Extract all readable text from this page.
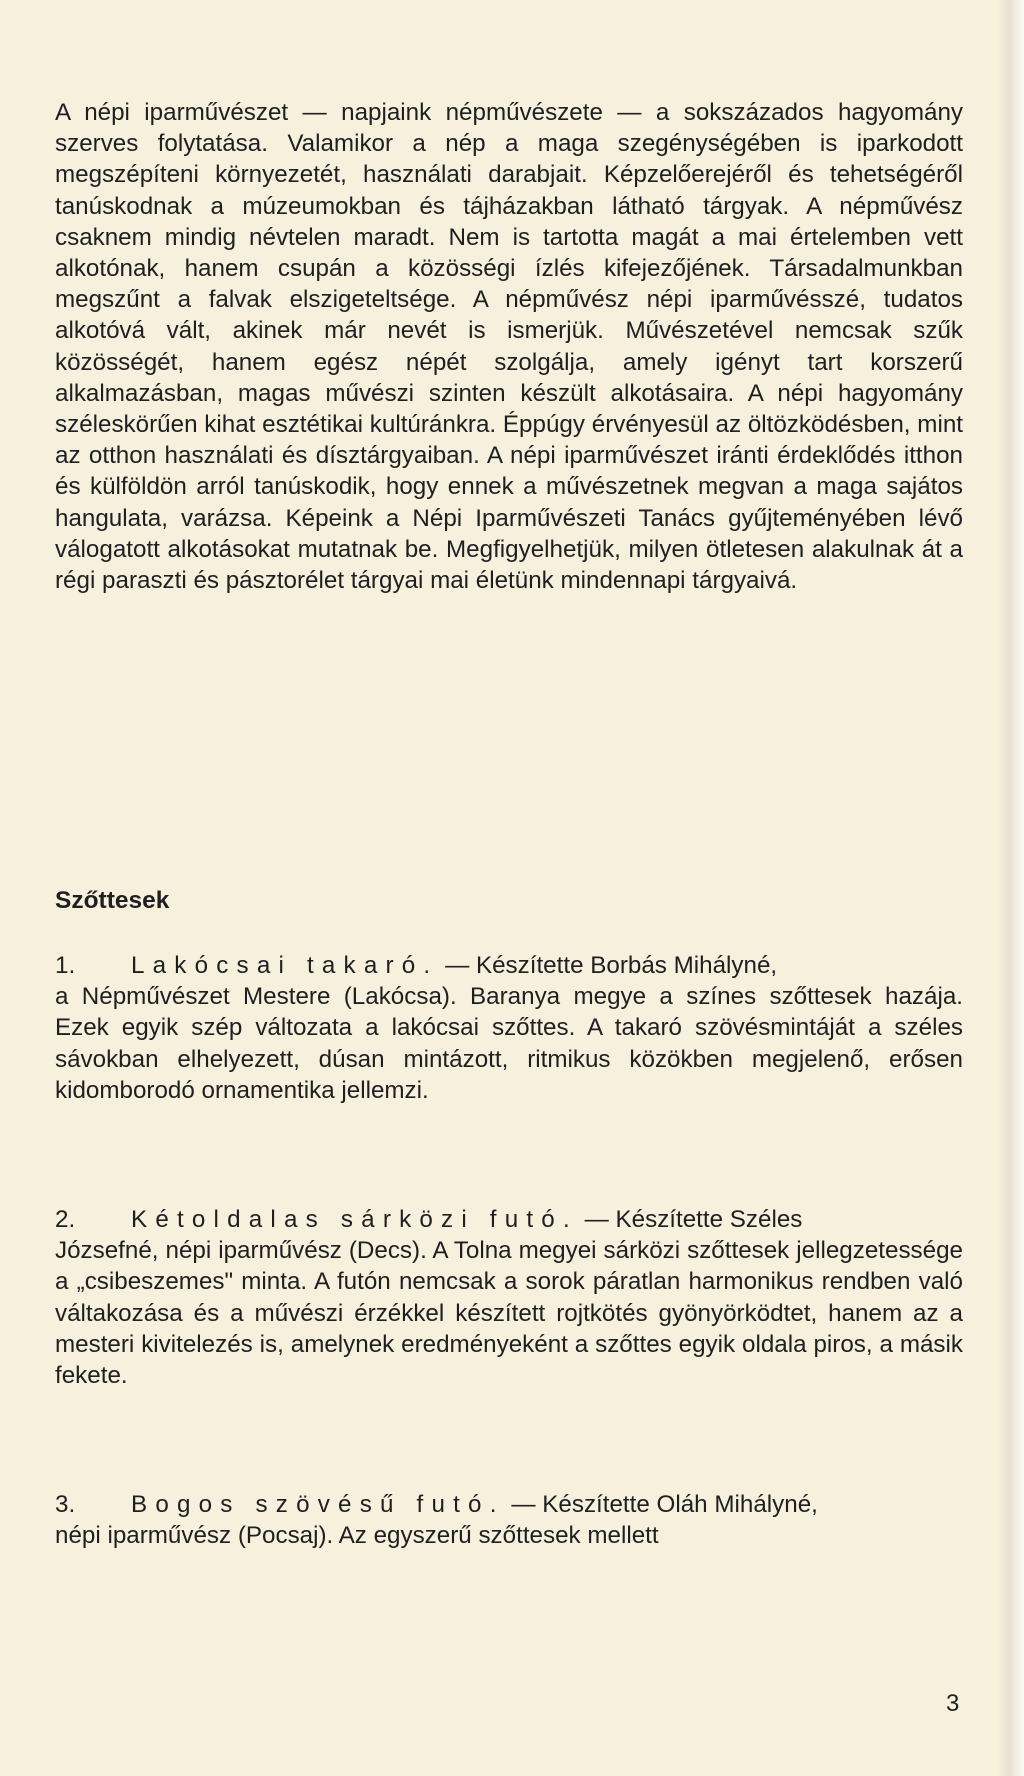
A népi iparművészet — napjaink népművészete — a sokszázados hagyomány szerves folytatása. Valamikor a nép a maga szegénységében is iparkodott megszépíteni környezetét, használati darabjait. Képzelőerejéről és tehetségéről tanúskodnak a múzeumokban és tájházakban látható tárgyak. A népművész csaknem mindig névtelen maradt. Nem is tartotta magát a mai értelemben vett alkotónak, hanem csupán a közösségi ízlés kifejezőjének. Társadalmunkban megszűnt a falvak elszigeteltsége. A népművész népi iparművésszé, tudatos alkotóvá vált, akinek már nevét is ismerjük. Művészetével nemcsak szűk közösségét, hanem egész népét szolgálja, amely igényt tart korszerű alkalmazásban, magas művészi szinten készült alkotásaira. A népi hagyomány széleskörűen kihat esztétikai kultúránkra. Éppúgy érvényesül az öltözködésben, mint az otthon használati és dísztárgyaiban. A népi iparművészet iránti érdeklődés itthon és külföldön arról tanúskodik, hogy ennek a művészetnek megvan a maga sajátos hangulata, varázsa. Képeink a Népi Iparművészeti Tanács gyűjteményében lévő válogatott alkotásokat mutatnak be. Megfigyelhetjük, milyen ötletesen alakulnak át a régi paraszti és pásztorélet tárgyai mai életünk mindennapi tárgyaivá.

Szőttesek
1.	Lakócsai takaró. — Készítette Borbás Mihályné,

a Népművészet Mestere (Lakócsa). Baranya megye a színes szőttesek hazája. Ezek egyik szép változata a lakócsai szőttes. A takaró szövésmintáját a széles sávokban elhelyezett, dúsan mintázott, ritmikus közökben megjelenő, erősen kidomborodó ornamentika jellemzi.

2.	Kétoldalas sárközi futó. — Készítette Széles

Józsefné, népi iparművész (Decs). A Tolna megyei sárközi szőttesek jellegzetessége a „csibeszemes" minta. A futón nemcsak a sorok páratlan harmonikus rendben való váltakozása és a művészi érzékkel készített rojtkötés gyönyörködtet, hanem az a mesteri kivitelezés is, amelynek eredményeként a szőttes egyik oldala piros, a másik fekete.

3.	Bogos szövésű futó. — Készítette Oláh Mihályné,

népi iparművész (Pocsaj). Az egyszerű szőttesek mellett

3
